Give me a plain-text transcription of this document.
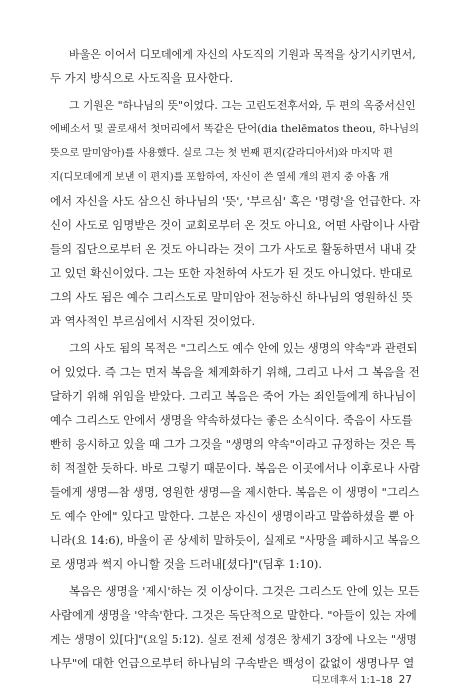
바울은 이어서 디모데에게 자신의 사도직의 기원과 목적을 상기시키면서,
두 가지 방식으로 사도직을 묘사한다.
그 기원은 "하나님의 뜻"이었다. 그는 고린도전후서와, 두 편의 옥중서신인
에베소서 및 골로새서 첫머리에서 똑같은 단어(dia thelēmatos theou, 하나님의
뜻으로 말미암아)를 사용했다. 실로 그는 첫 번째 편지(갈라디아서)와 마지막 편
지(디모데에게 보낸 이 편지)를 포함하여, 자신이 쓴 열세 개의 편지 중 아홉 개
에서 자신을 사도 삼으신 하나님의 '뜻', '부르심' 혹은 '명령'을 언급한다. 자
신이 사도로 임명받은 것이 교회로부터 온 것도 아니요, 어떤 사람이나 사람
들의 집단으로부터 온 것도 아니라는 것이 그가 사도로 활동하면서 내내 갖
고 있던 확신이었다. 그는 또한 자천하여 사도가 된 것도 아니었다. 반대로
그의 사도 됨은 예수 그리스도로 말미암아 전능하신 하나님의 영원하신 뜻
과 역사적인 부르심에서 시작된 것이었다.
그의 사도 됨의 목적은 "그리스도 예수 안에 있는 생명의 약속"과 관련되
어 있었다. 즉 그는 먼저 복음을 체계화하기 위해, 그리고 나서 그 복음을 전
달하기 위해 위임을 받았다. 그리고 복음은 죽어 가는 죄인들에게 하나님이
예수 그리스도 안에서 생명을 약속하셨다는 좋은 소식이다. 죽음이 사도를
빤히 응시하고 있을 때 그가 그것을 "생명의 약속"이라고 규정하는 것은 특
히 적절한 듯하다. 바로 그렇기 때문이다. 복음은 이곳에서나 이후로나 사람
들에게 생명—참 생명, 영원한 생명—을 제시한다. 복음은 이 생명이 "그리스
도 예수 안에" 있다고 말한다. 그분은 자신이 생명이라고 말씀하셨을 뿐 아
니라(요 14:6), 바울이 곧 상세히 말하듯이, 실제로 "사망을 폐하시고 복음으
로 생명과 썩지 아니할 것을 드러내[셨다]"(딤후 1:10).
복음은 생명을 '제시'하는 것 이상이다. 그것은 그리스도 안에 있는 모든
사람에게 생명을 '약속'한다. 그것은 독단적으로 말한다. "아들이 있는 자에
게는 생명이 있[다]"(요일 5:12). 실로 전체 성경은 창세기 3장에 나오는 "생명
나무"에 대한 언급으로부터 하나님의 구속받은 백성이 값없이 생명나무 열
디모데후서 1:1–18 27
